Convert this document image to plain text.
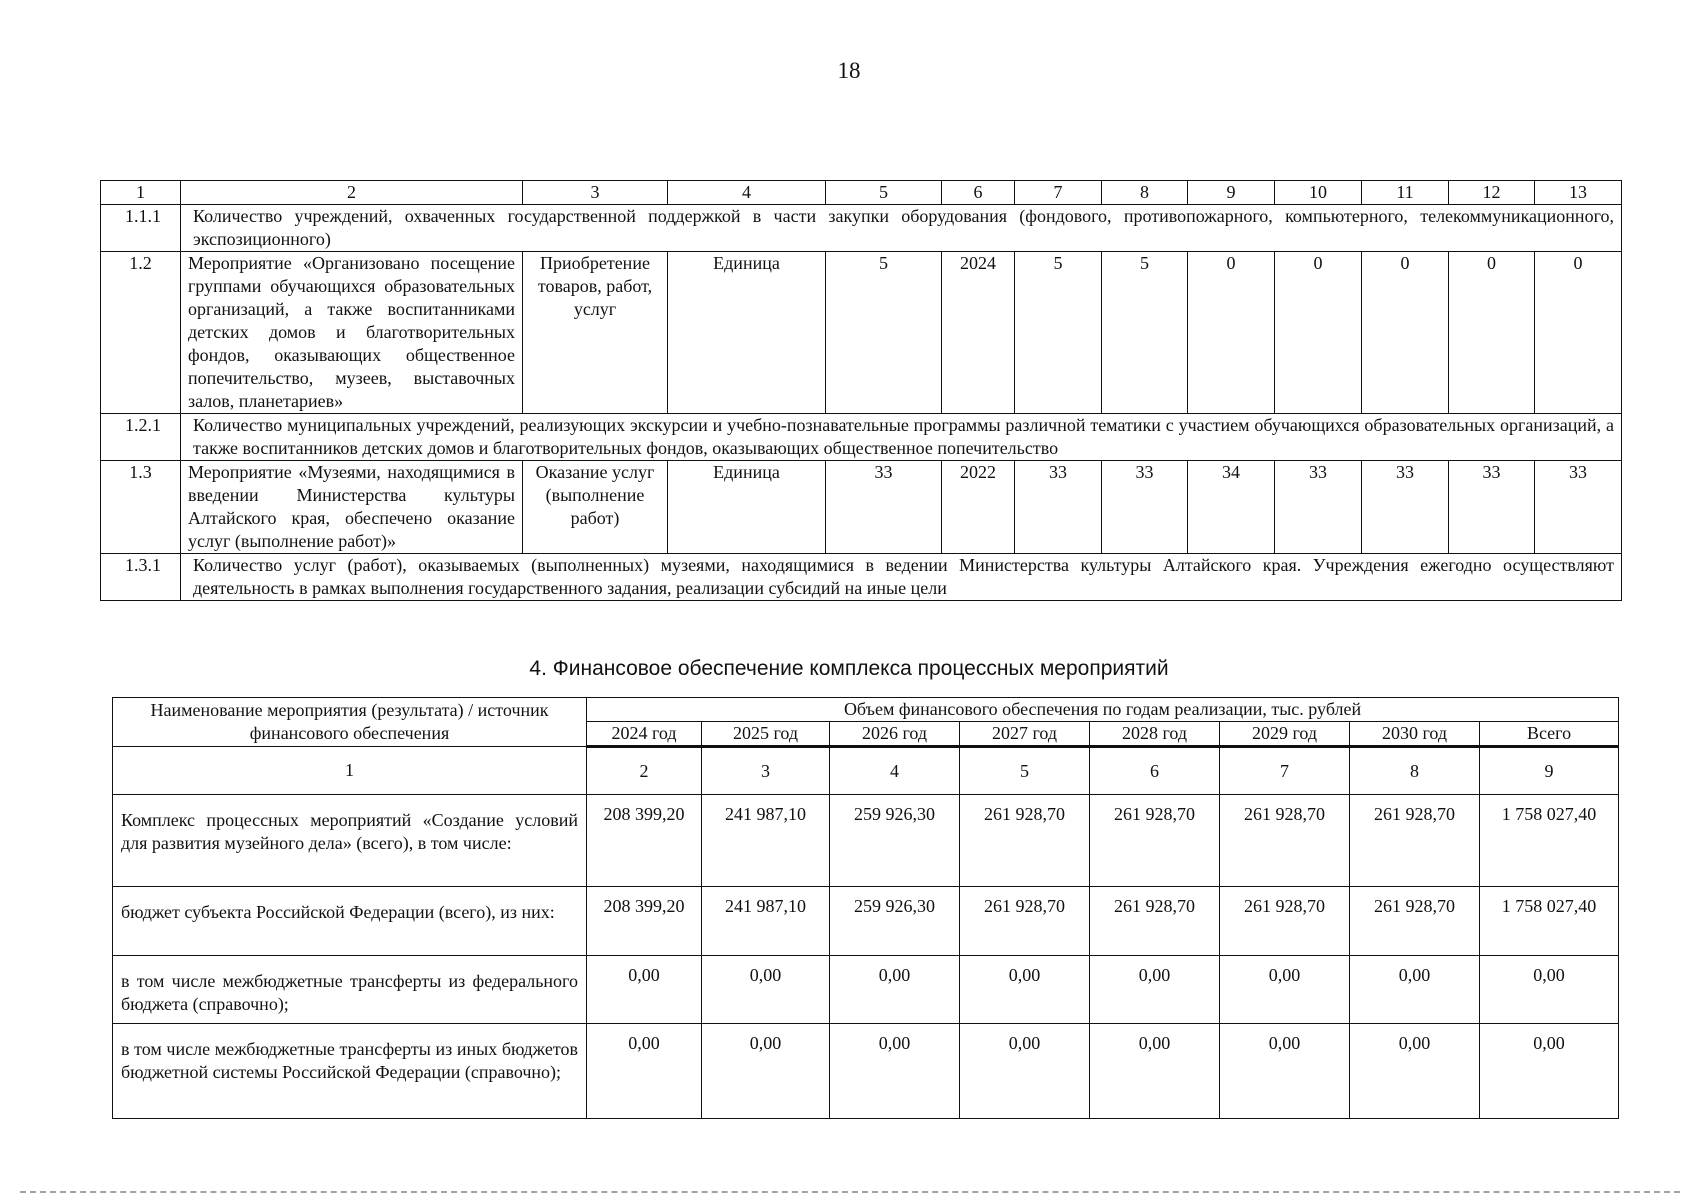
18
1	2	3	4	5	6	7	8	9	10	11	12	13
1.1.1	Количество учреждений, охваченных государственной поддержкой в части закупки оборудования (фондового, противопожарного, компьютерного, телекоммуникационного, экспозиционного)											
1.2	Мероприятие «Организовано посещение группами обучающихся образовательных организаций, а также воспитанниками детских домов и благотворительных фондов, оказывающих общественное попечительство, музеев, выставочных залов, планетариев»	Приобретение товаров, работ, услуг	Единица	5	2024	5	5	0	0	0	0	0
1.2.1	Количество муниципальных учреждений, реализующих экскурсии и учебно-познавательные программы различной тематики с участием обучающихся образовательных организаций, а также воспитанников детских домов и благотворительных фондов, оказывающих общественное попечительство											
1.3	Мероприятие «Музеями, находящимися в введении Министерства культуры Алтайского края, обеспечено оказание услуг (выполнение работ)»	Оказание услуг (выполнение работ)	Единица	33	2022	33	33	34	33	33	33	33
1.3.1	Количество услуг (работ), оказываемых (выполненных) музеями, находящимися в ведении Министерства культуры Алтайского края. Учреждения ежегодно осуществляют деятельность в рамках выполнения государственного задания, реализации субсидий на иные цели											
4. Финансовое обеспечение комплекса процессных мероприятий
Наименование мероприятия (результата) / источник финансового обеспечения	Объем финансового обеспечения по годам реализации, тыс. рублей							
	2024 год	2025 год	2026 год	2027 год	2028 год	2029 год	2030 год	Всего
1	2	3	4	5	6	7	8	9
Комплекс процессных мероприятий «Создание условий для развития музейного дела» (всего), в том числе:	208 399,20	241 987,10	259 926,30	261 928,70	261 928,70	261 928,70	261 928,70	1 758 027,40
бюджет субъекта Российской Федерации (всего), из них:	208 399,20	241 987,10	259 926,30	261 928,70	261 928,70	261 928,70	261 928,70	1 758 027,40
в том числе межбюджетные трансферты из федерального бюджета (справочно);	0,00	0,00	0,00	0,00	0,00	0,00	0,00	0,00
в том числе межбюджетные трансферты из иных бюджетов бюджетной системы Российской Федерации (справочно);	0,00	0,00	0,00	0,00	0,00	0,00	0,00	0,00
